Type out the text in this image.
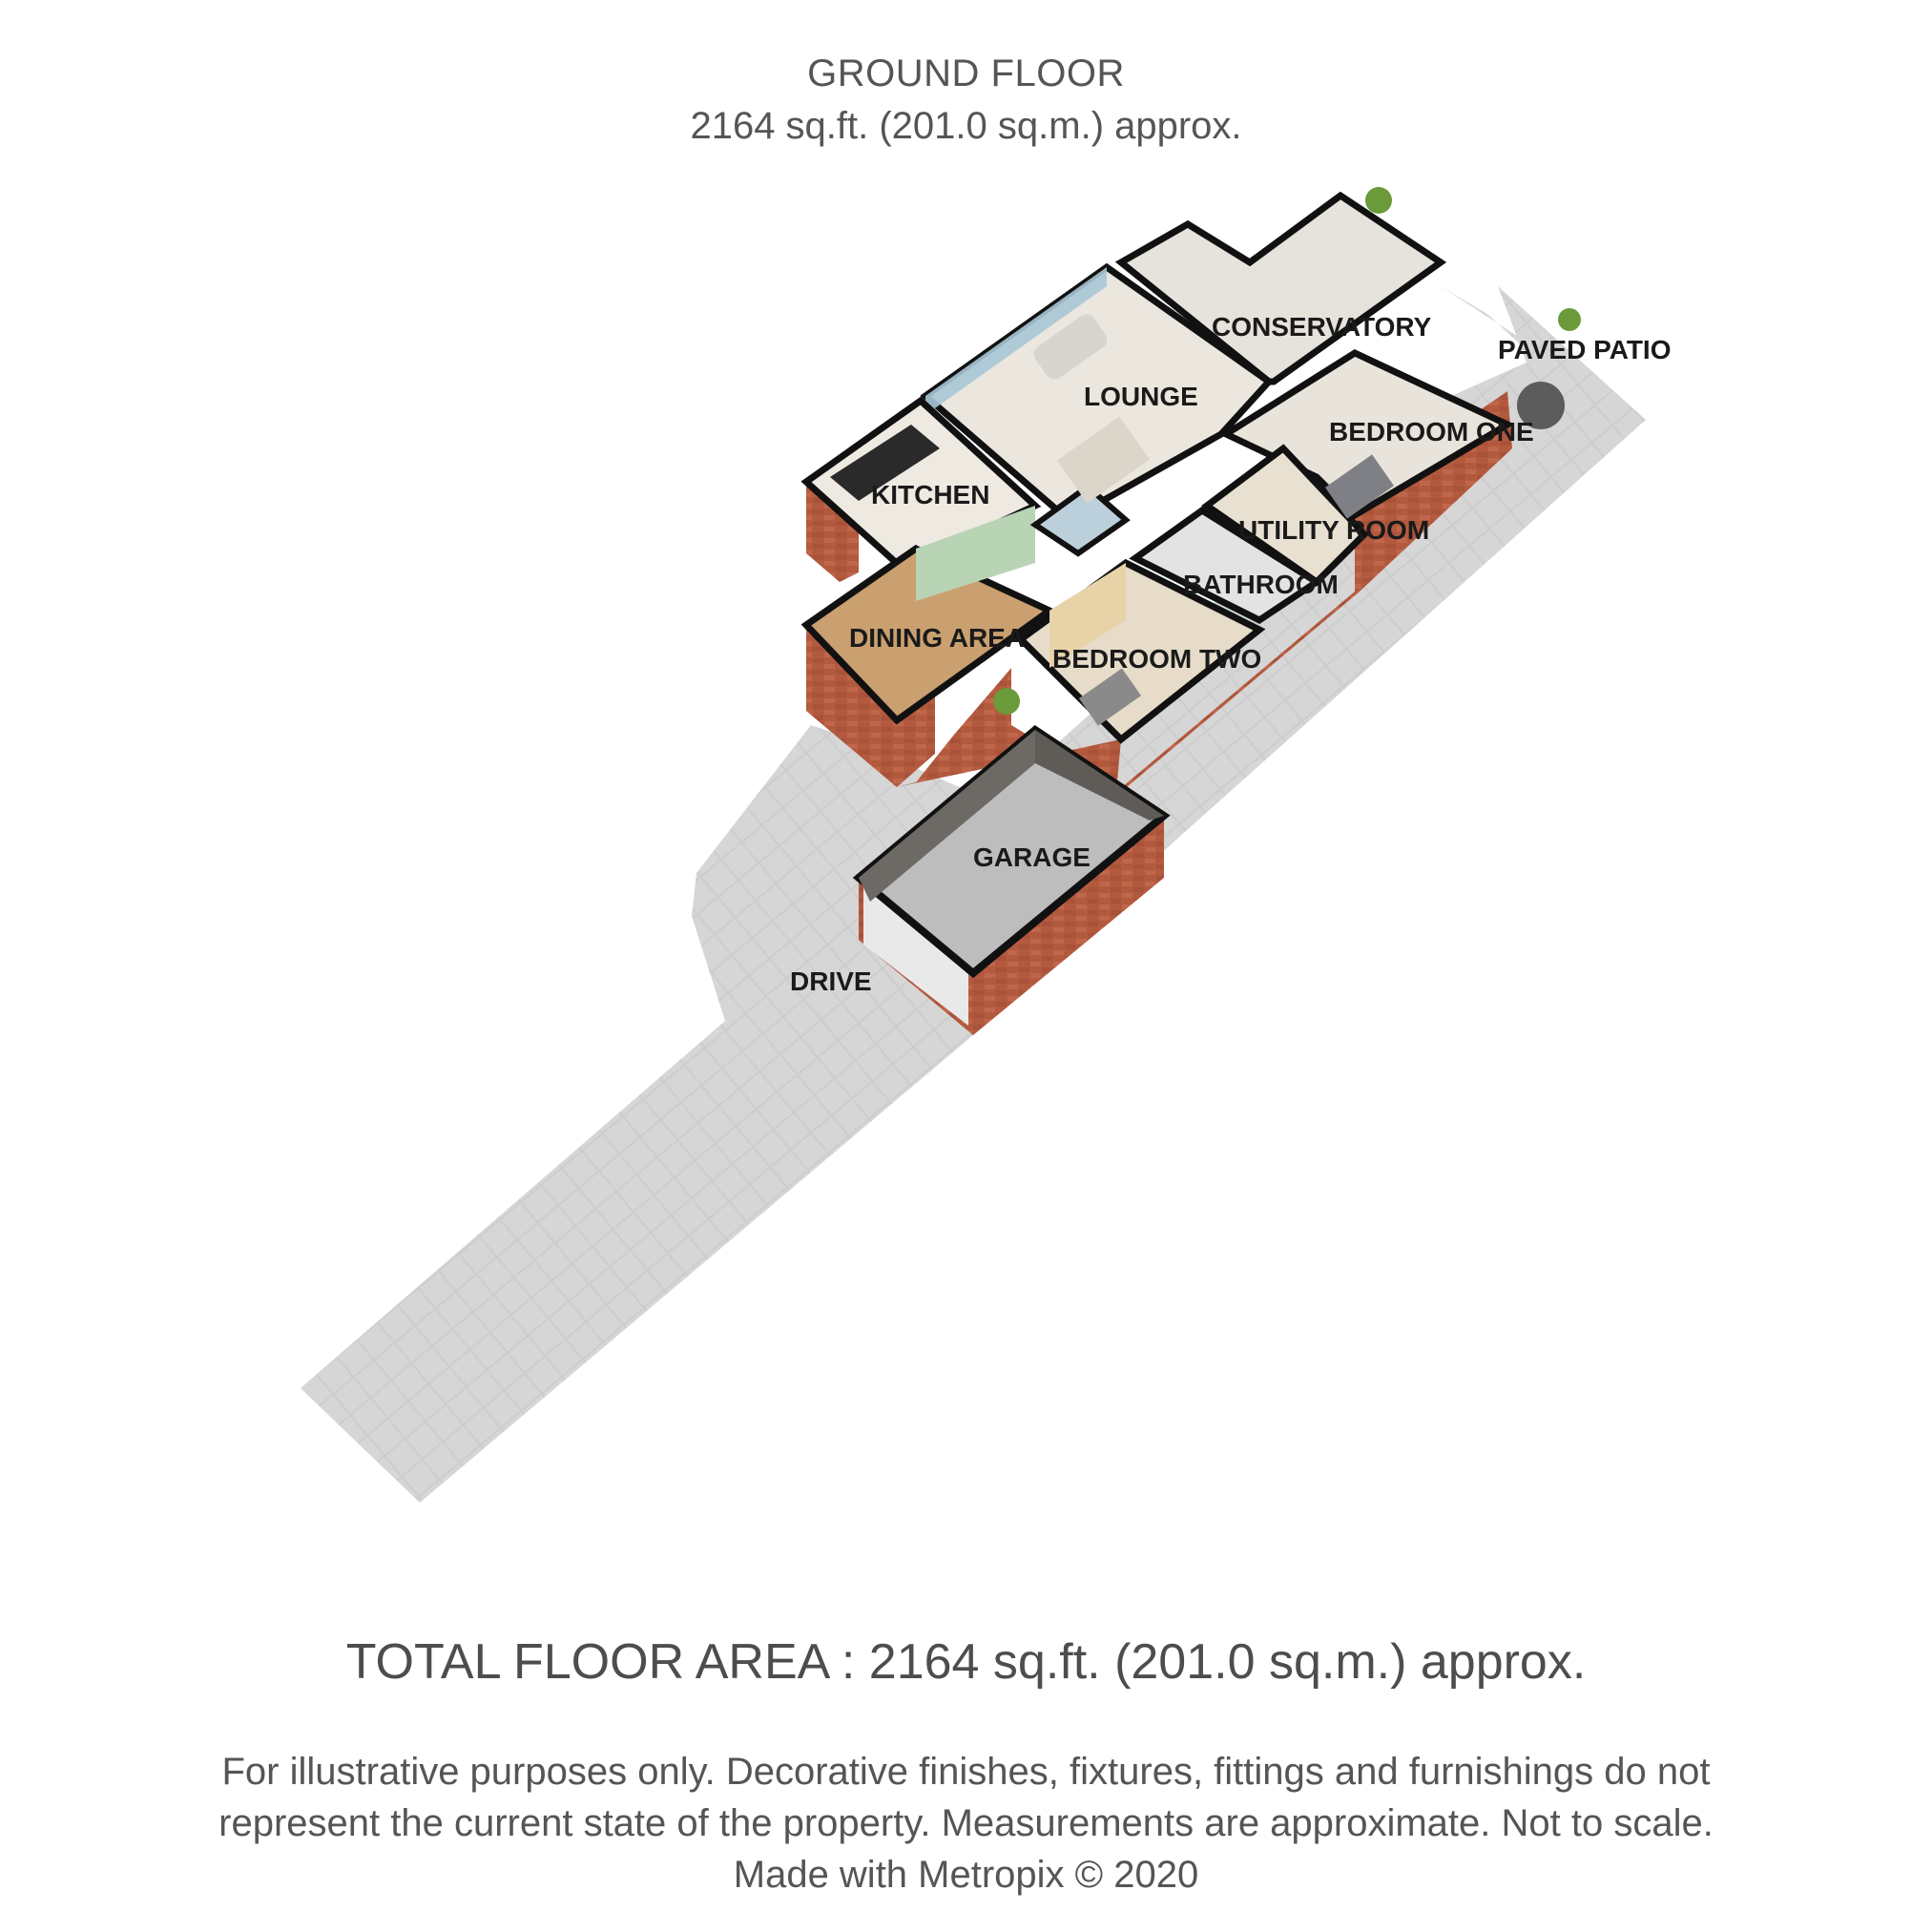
GROUND FLOOR
2164 sq.ft. (201.0 sq.m.) approx.
CONSERVATORY
PAVED PATIO
LOUNGE
BEDROOM ONE
KITCHEN
UTILITY ROOM
BATHROOM
DINING AREA
BEDROOM TWO
GARAGE
DRIVE
TOTAL FLOOR AREA : 2164 sq.ft. (201.0 sq.m.) approx.
For illustrative purposes only. Decorative finishes, fixtures, fittings and furnishings do not
represent the current state of the property. Measurements are approximate. Not to scale.
Made with Metropix © 2020
